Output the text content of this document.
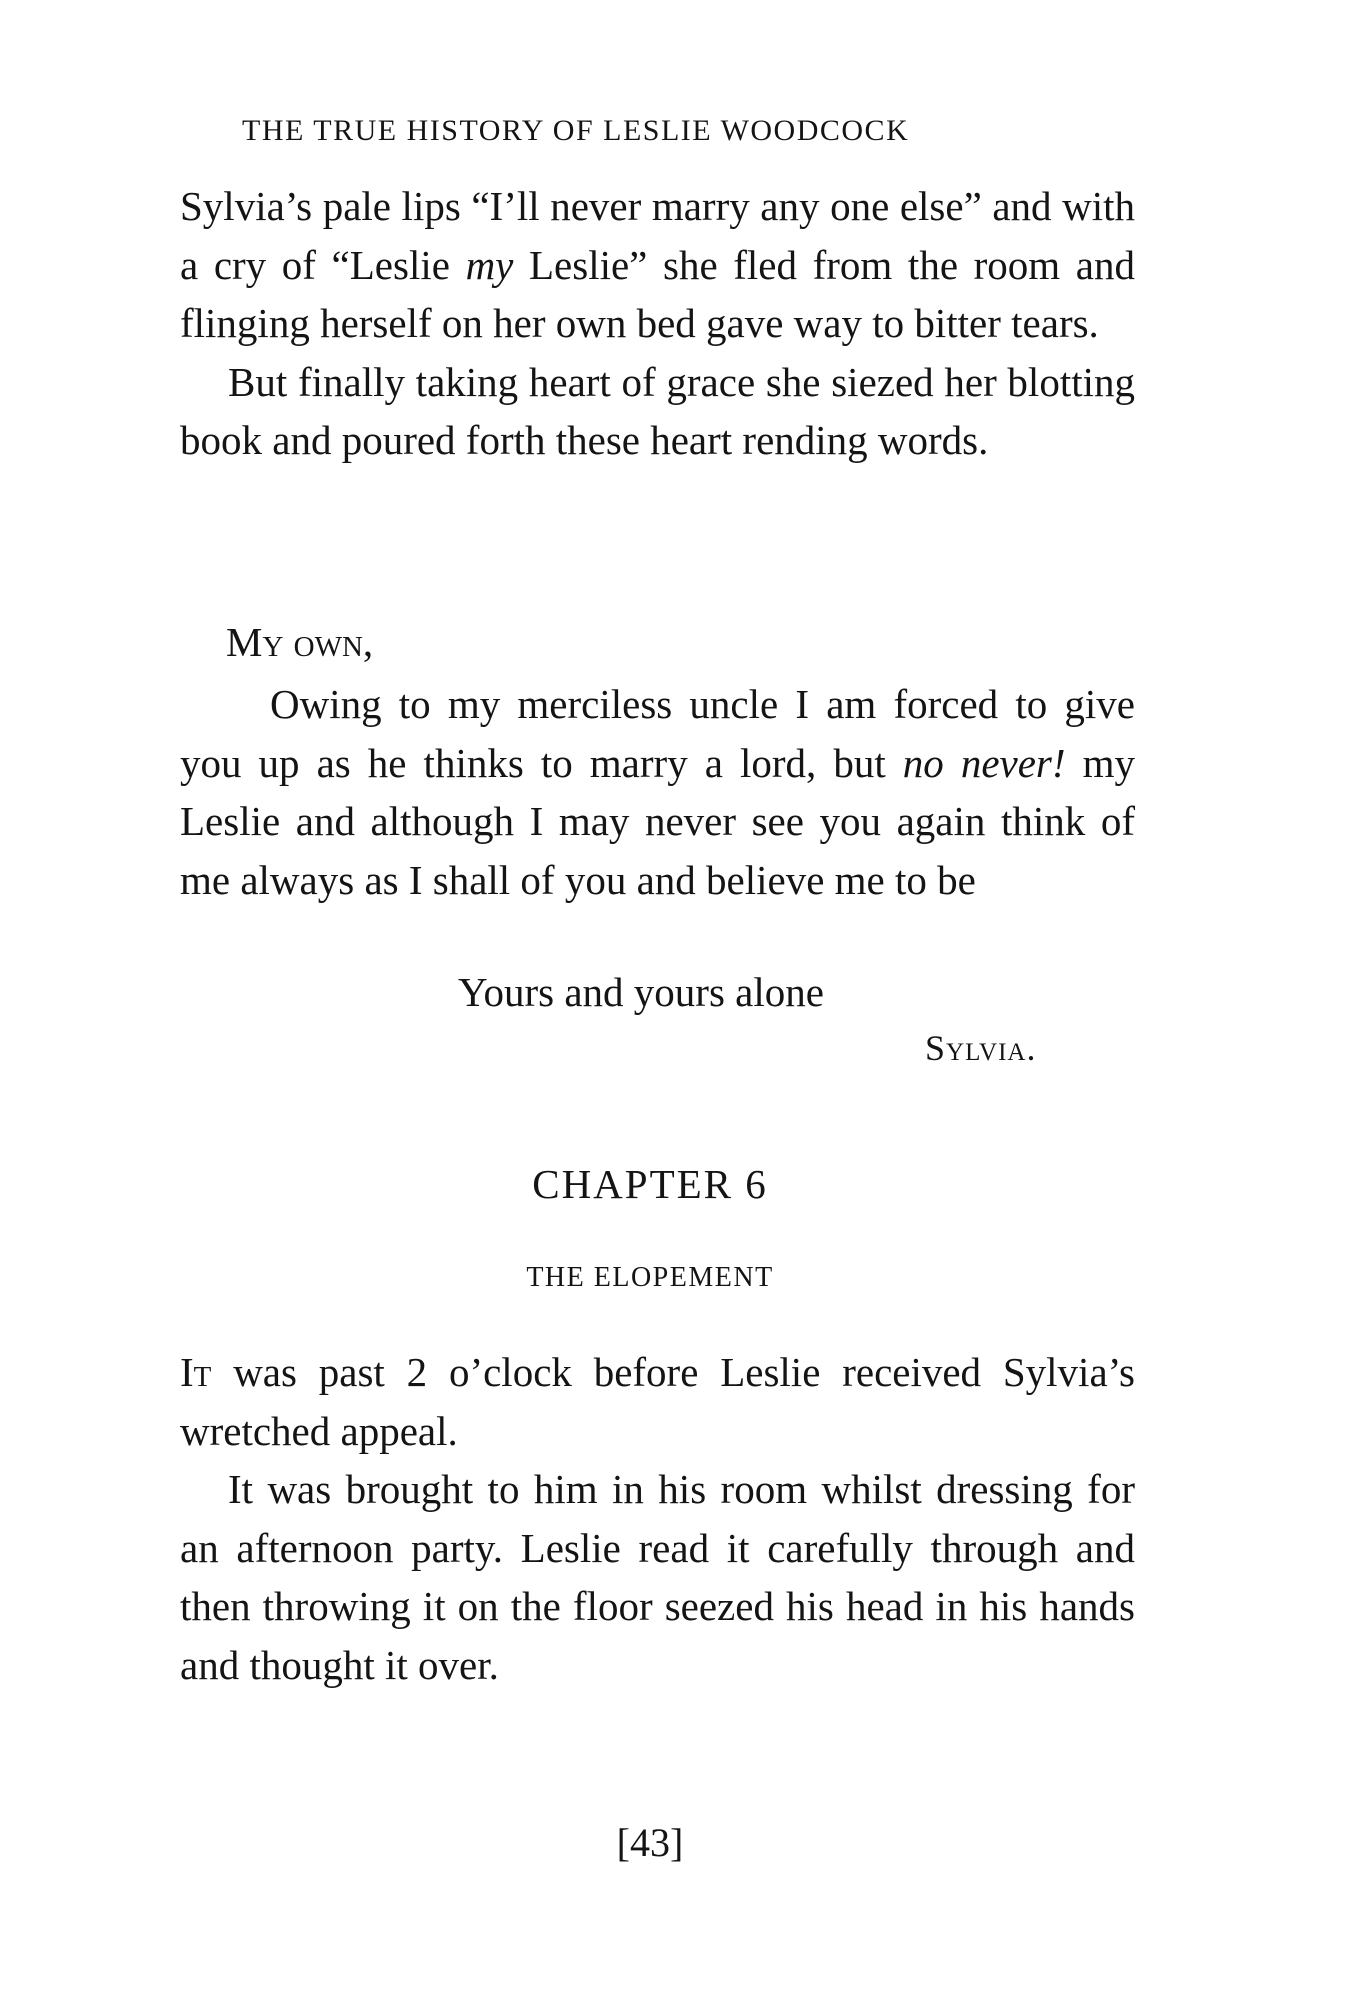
THE TRUE HISTORY OF LESLIE WOODCOCK

Sylvia’s pale lips “I’ll never marry any one else” and with a cry of “Leslie my Leslie” she fled from the room and flinging herself on her own bed gave way to bitter tears.

But finally taking heart of grace she siezed her blotting book and poured forth these heart rending words.

My own,

Owing to my merciless uncle I am forced to give you up as he thinks to marry a lord, but no never! my Leslie and although I may never see you again think of me always as I shall of you and believe me to be

Yours and yours alone
Sylvia.
CHAPTER 6
THE ELOPEMENT

It was past 2 o’clock before Leslie received Sylvia’s wretched appeal.

It was brought to him in his room whilst dressing for an afternoon party. Leslie read it carefully through and then throwing it on the floor seezed his head in his hands and thought it over.

[43]
